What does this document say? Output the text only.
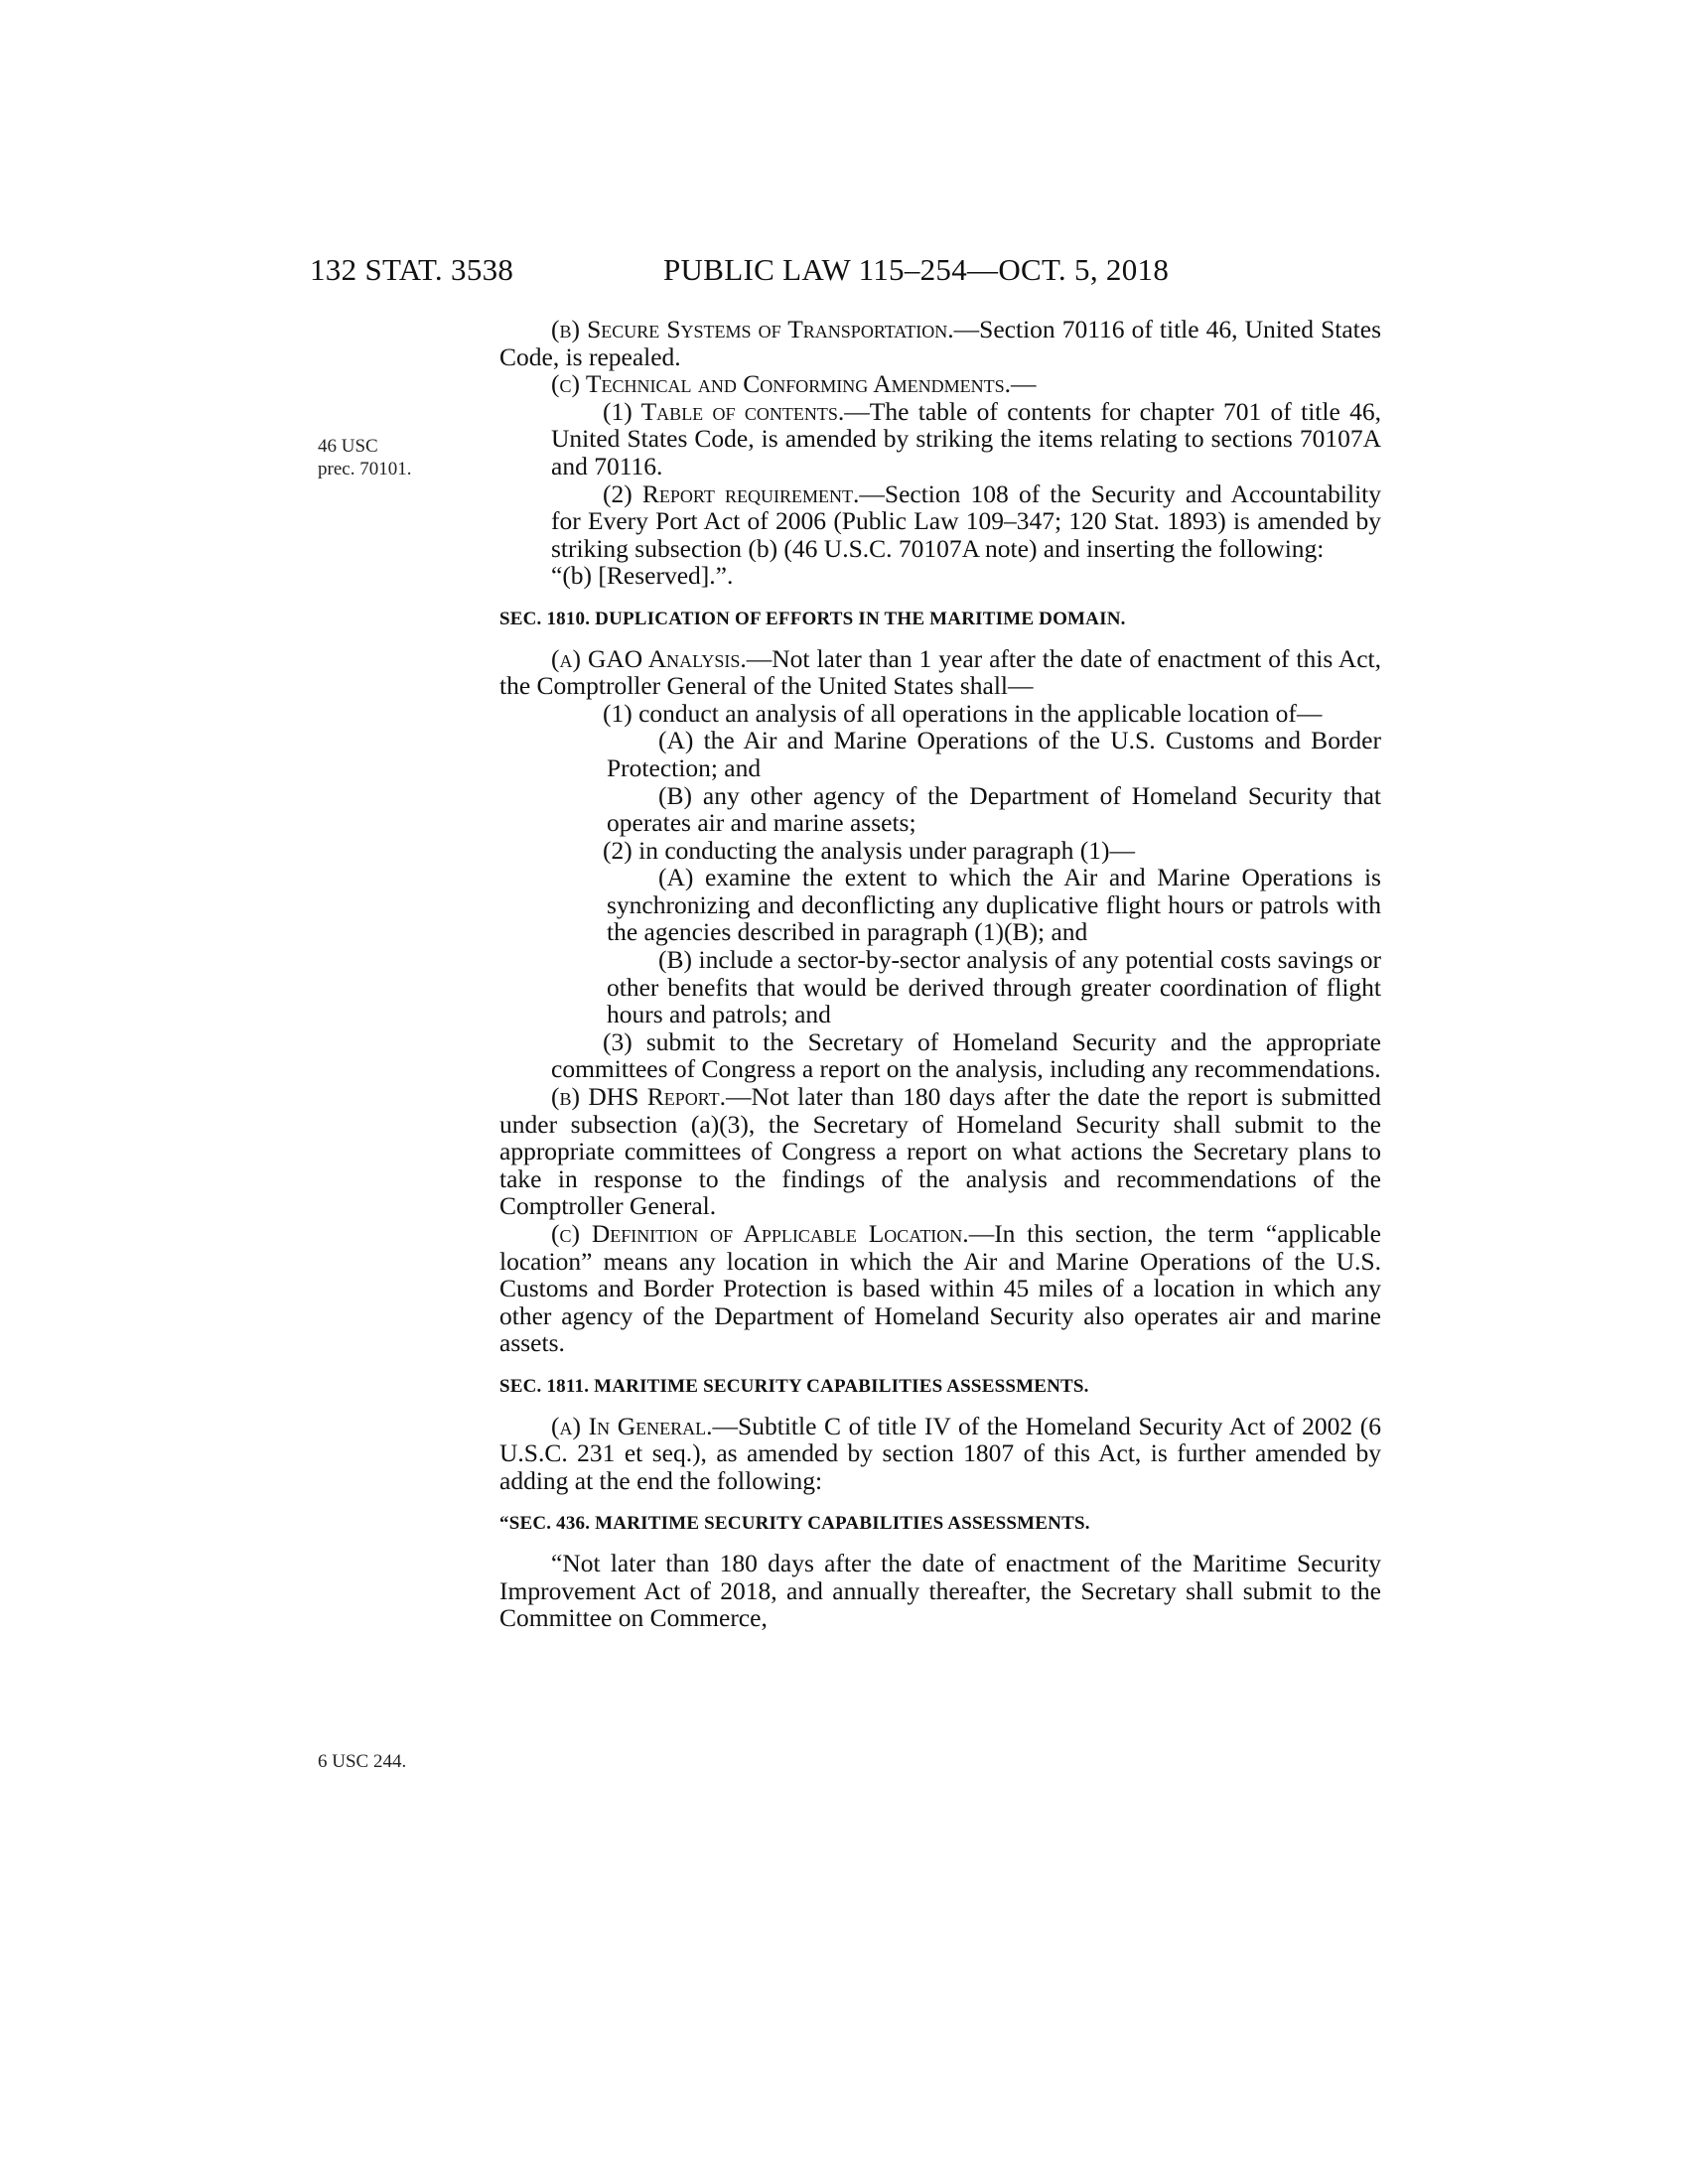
132 STAT. 3538	PUBLIC LAW 115–254—OCT. 5, 2018
46 USC
prec. 70101.
6 USC 244.

(b) Secure Systems of Transportation.—Section 70116 of title 46, United States Code, is repealed.

(c) Technical and Conforming Amendments.—

(1) Table of contents.—The table of contents for chapter 701 of title 46, United States Code, is amended by striking the items relating to sections 70107A and 70116.

(2) Report requirement.—Section 108 of the Security and Accountability for Every Port Act of 2006 (Public Law 109–347; 120 Stat. 1893) is amended by striking subsection (b) (46 U.S.C. 70107A note) and inserting the following:

“(b) [Reserved].”.

SEC. 1810. DUPLICATION OF EFFORTS IN THE MARITIME DOMAIN.

(a) GAO Analysis.—Not later than 1 year after the date of enactment of this Act, the Comptroller General of the United States shall—

(1) conduct an analysis of all operations in the applicable location of—

(A) the Air and Marine Operations of the U.S. Customs and Border Protection; and

(B) any other agency of the Department of Homeland Security that operates air and marine assets;

(2) in conducting the analysis under paragraph (1)—

(A) examine the extent to which the Air and Marine Operations is synchronizing and deconflicting any duplicative flight hours or patrols with the agencies described in paragraph (1)(B); and

(B) include a sector-by-sector analysis of any potential costs savings or other benefits that would be derived through greater coordination of flight hours and patrols; and

(3) submit to the Secretary of Homeland Security and the appropriate committees of Congress a report on the analysis, including any recommendations.

(b) DHS Report.—Not later than 180 days after the date the report is submitted under subsection (a)(3), the Secretary of Homeland Security shall submit to the appropriate committees of Congress a report on what actions the Secretary plans to take in response to the findings of the analysis and recommendations of the Comptroller General.

(c) Definition of Applicable Location.—In this section, the term “applicable location” means any location in which the Air and Marine Operations of the U.S. Customs and Border Protection is based within 45 miles of a location in which any other agency of the Department of Homeland Security also operates air and marine assets.

SEC. 1811. MARITIME SECURITY CAPABILITIES ASSESSMENTS.

(a) In General.—Subtitle C of title IV of the Homeland Security Act of 2002 (6 U.S.C. 231 et seq.), as amended by section 1807 of this Act, is further amended by adding at the end the following:

“SEC. 436. MARITIME SECURITY CAPABILITIES ASSESSMENTS.

“Not later than 180 days after the date of enactment of the Maritime Security Improvement Act of 2018, and annually thereafter, the Secretary shall submit to the Committee on Commerce,
